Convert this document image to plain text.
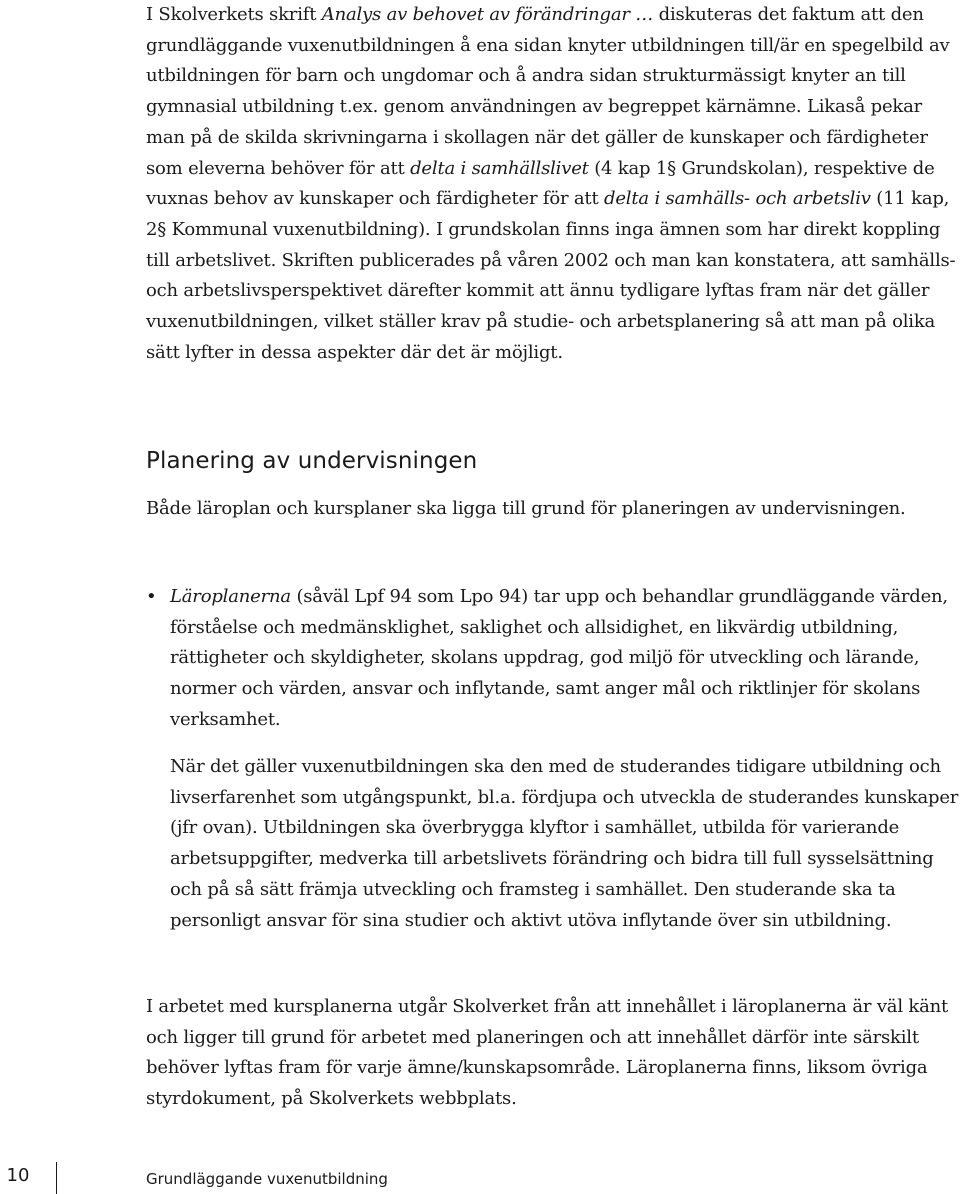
I Skolverkets skrift Analys av behovet av förändringar … diskuteras det faktum att den grundläggande vuxenutbildningen å ena sidan knyter utbildningen till/är en spegelbild av utbildningen för barn och ungdomar och å andra sidan strukturmässigt knyter an till gymnasial utbildning t.ex. genom användningen av begreppet kärnämne. Likaså pekar man på de skilda skrivningarna i skollagen när det gäller de kunskaper och färdigheter som eleverna behöver för att delta i samhällslivet (4 kap 1§ Grundskolan), respektive de vuxnas behov av kunskaper och färdigheter för att delta i samhälls- och arbetsliv (11 kap, 2§ Kommunal vuxenutbildning). I grundskolan finns inga ämnen som har direkt koppling till arbetslivet. Skriften publicerades på våren 2002 och man kan konstatera, att samhälls- och arbetslivsperspektivet därefter kommit att ännu tydligare lyftas fram när det gäller vuxenutbildningen, vilket ställer krav på studie- och arbetsplanering så att man på olika sätt lyfter in dessa aspekter där det är möjligt.

Planering av undervisningen

Både läroplan och kursplaner ska ligga till grund för planeringen av undervisningen.

• Läroplanerna (såväl Lpf 94 som Lpo 94) tar upp och behandlar grundläggande värden, förståelse och medmänsklighet, saklighet och allsidighet, en likvärdig utbildning, rättigheter och skyldigheter, skolans uppdrag, god miljö för utveckling och lärande, normer och värden, ansvar och inflytande, samt anger mål och riktlinjer för skolans verksamhet.

När det gäller vuxenutbildningen ska den med de studerandes tidigare utbildning och livserfarenhet som utgångspunkt, bl.a. fördjupa och utveckla de studerandes kunskaper (jfr ovan). Utbildningen ska överbrygga klyftor i samhället, utbilda för varierande arbetsuppgifter, medverka till arbetslivets förändring och bidra till full sysselsättning och på så sätt främja utveckling och framsteg i samhället. Den studerande ska ta personligt ansvar för sina studier och aktivt utöva inflytande över sin utbildning.

I arbetet med kursplanerna utgår Skolverket från att innehållet i läroplanerna är väl känt och ligger till grund för arbetet med planeringen och att innehållet därför inte särskilt behöver lyftas fram för varje ämne/kunskapsområde. Läroplanerna finns, liksom övriga styrdokument, på Skolverkets webbplats.

10	Grundläggande vuxenutbildning
